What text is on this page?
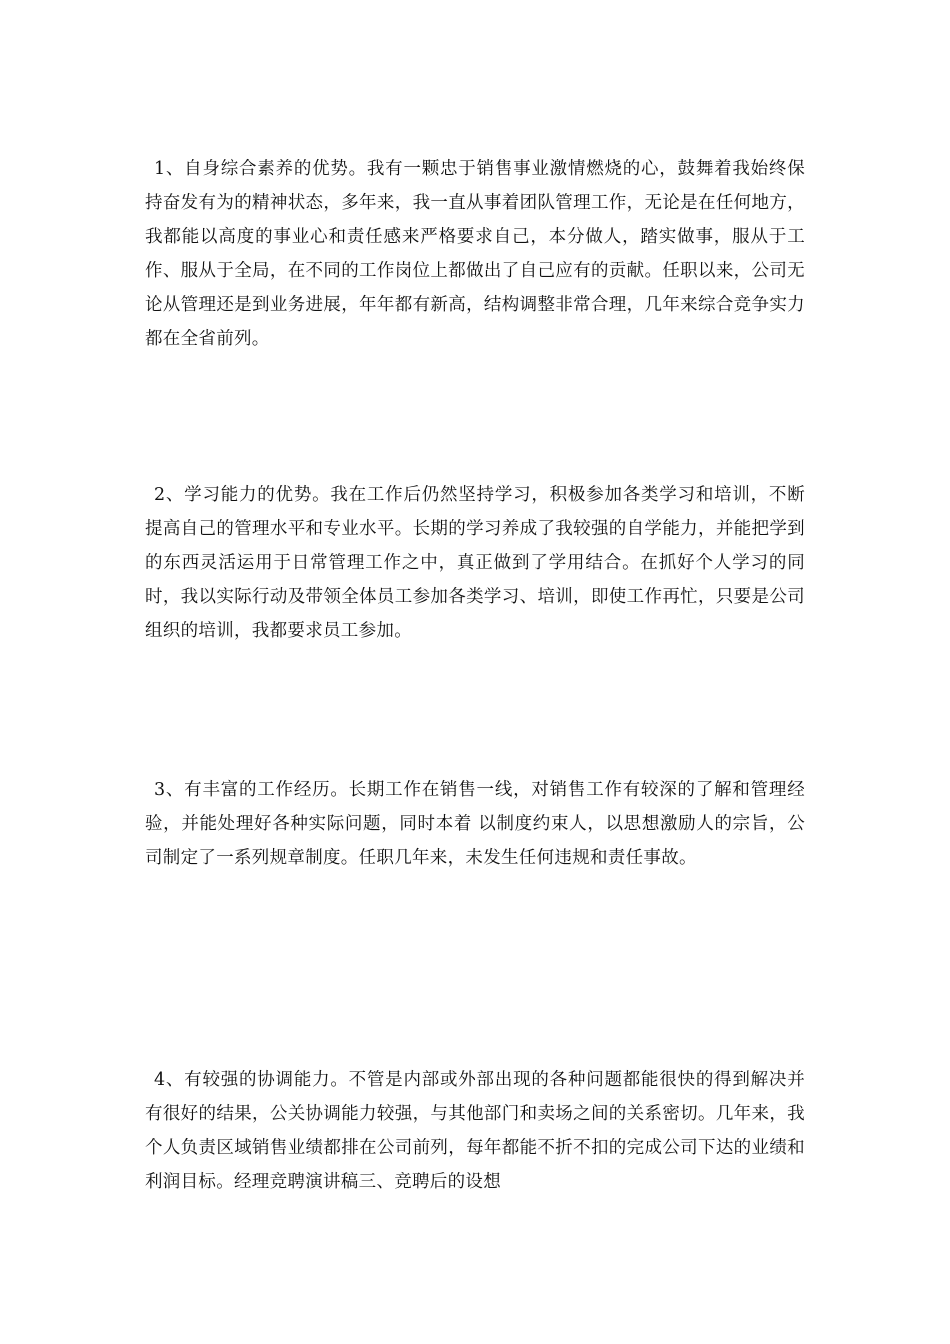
1、自身综合素养的优势。我有一颗忠于销售事业激情燃烧的心，鼓舞着我始终保持奋发有为的精神状态，多年来，我一直从事着团队管理工作，无论是在任何地方，我都能以高度的事业心和责任感来严格要求自己，本分做人，踏实做事，服从于工作、服从于全局，在不同的工作岗位上都做出了自己应有的贡献。任职以来，公司无论从管理还是到业务进展，年年都有新高，结构调整非常合理，几年来综合竞争实力都在全省前列。

2、学习能力的优势。我在工作后仍然坚持学习，积极参加各类学习和培训，不断提高自己的管理水平和专业水平。长期的学习养成了我较强的自学能力，并能把学到的东西灵活运用于日常管理工作之中，真正做到了学用结合。在抓好个人学习的同时，我以实际行动及带领全体员工参加各类学习、培训，即使工作再忙，只要是公司组织的培训，我都要求员工参加。

3、有丰富的工作经历。长期工作在销售一线，对销售工作有较深的了解和管理经验，并能处理好各种实际问题，同时本着 以制度约束人，以思想激励人的宗旨，公司制定了一系列规章制度。任职几年来，未发生任何违规和责任事故。

4、有较强的协调能力。不管是内部或外部出现的各种问题都能很快的得到解决并有很好的结果，公关协调能力较强，与其他部门和卖场之间的关系密切。几年来，我个人负责区域销售业绩都排在公司前列，每年都能不折不扣的完成公司下达的业绩和利润目标。经理竞聘演讲稿三、竞聘后的设想
